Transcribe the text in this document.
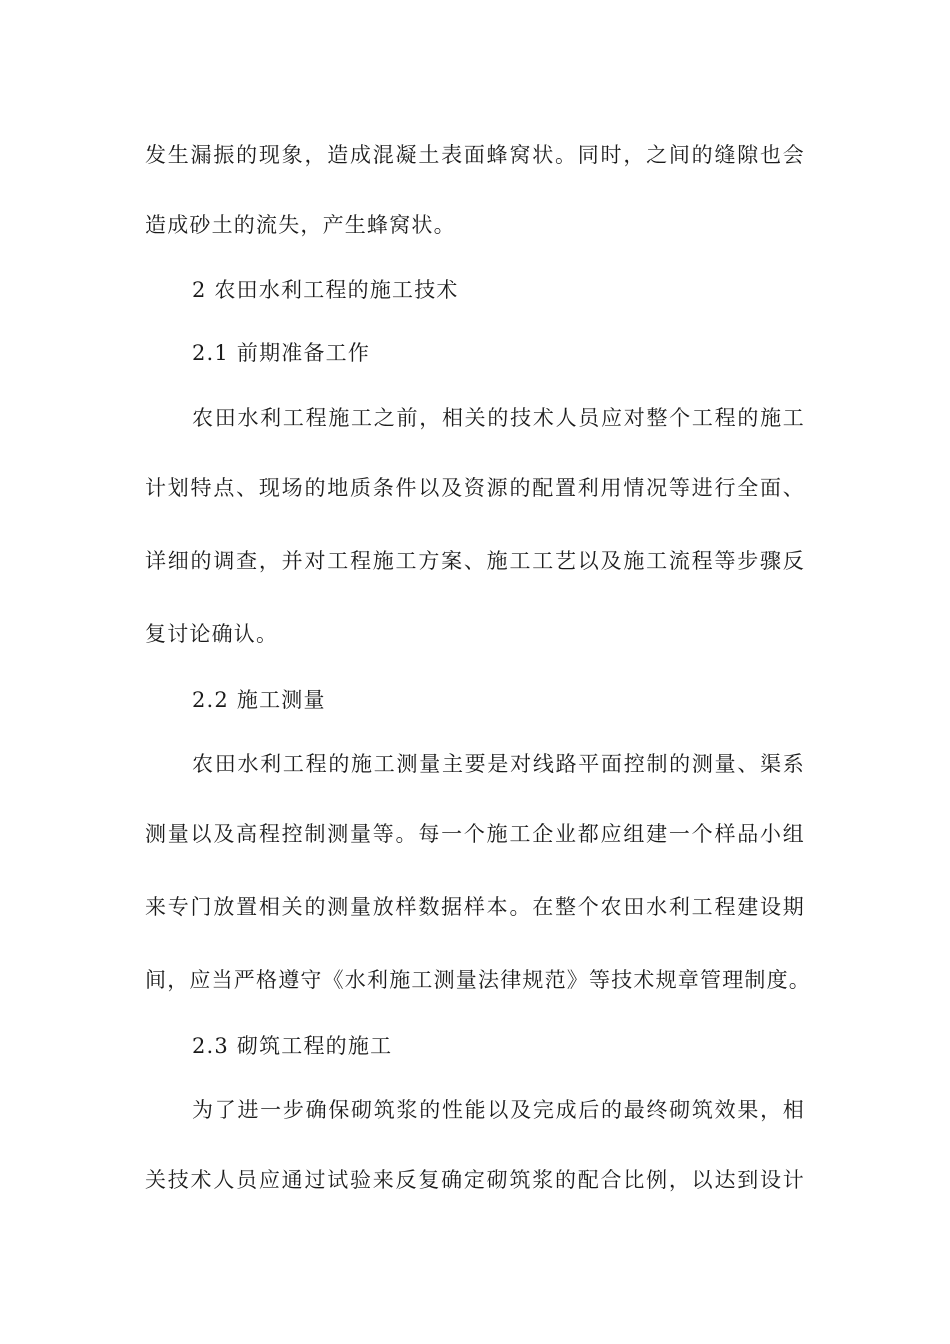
发生漏振的现象，造成混凝土表面蜂窝状。同时，之间的缝隙也会
造成砂土的流失，产生蜂窝状。
2 农田水利工程的施工技术
2.1 前期准备工作
农田水利工程施工之前，相关的技术人员应对整个工程的施工
计划特点、现场的地质条件以及资源的配置利用情况等进行全面、
详细的调查，并对工程施工方案、施工工艺以及施工流程等步骤反
复讨论确认。
2.2 施工测量
农田水利工程的施工测量主要是对线路平面控制的测量、渠系
测量以及高程控制测量等。每一个施工企业都应组建一个样品小组
来专门放置相关的测量放样数据样本。在整个农田水利工程建设期
间，应当严格遵守《水利施工测量法律规范》等技术规章管理制度。
2.3 砌筑工程的施工
为了进一步确保砌筑浆的性能以及完成后的最终砌筑效果，相
关技术人员应通过试验来反复确定砌筑浆的配合比例，以达到设计
